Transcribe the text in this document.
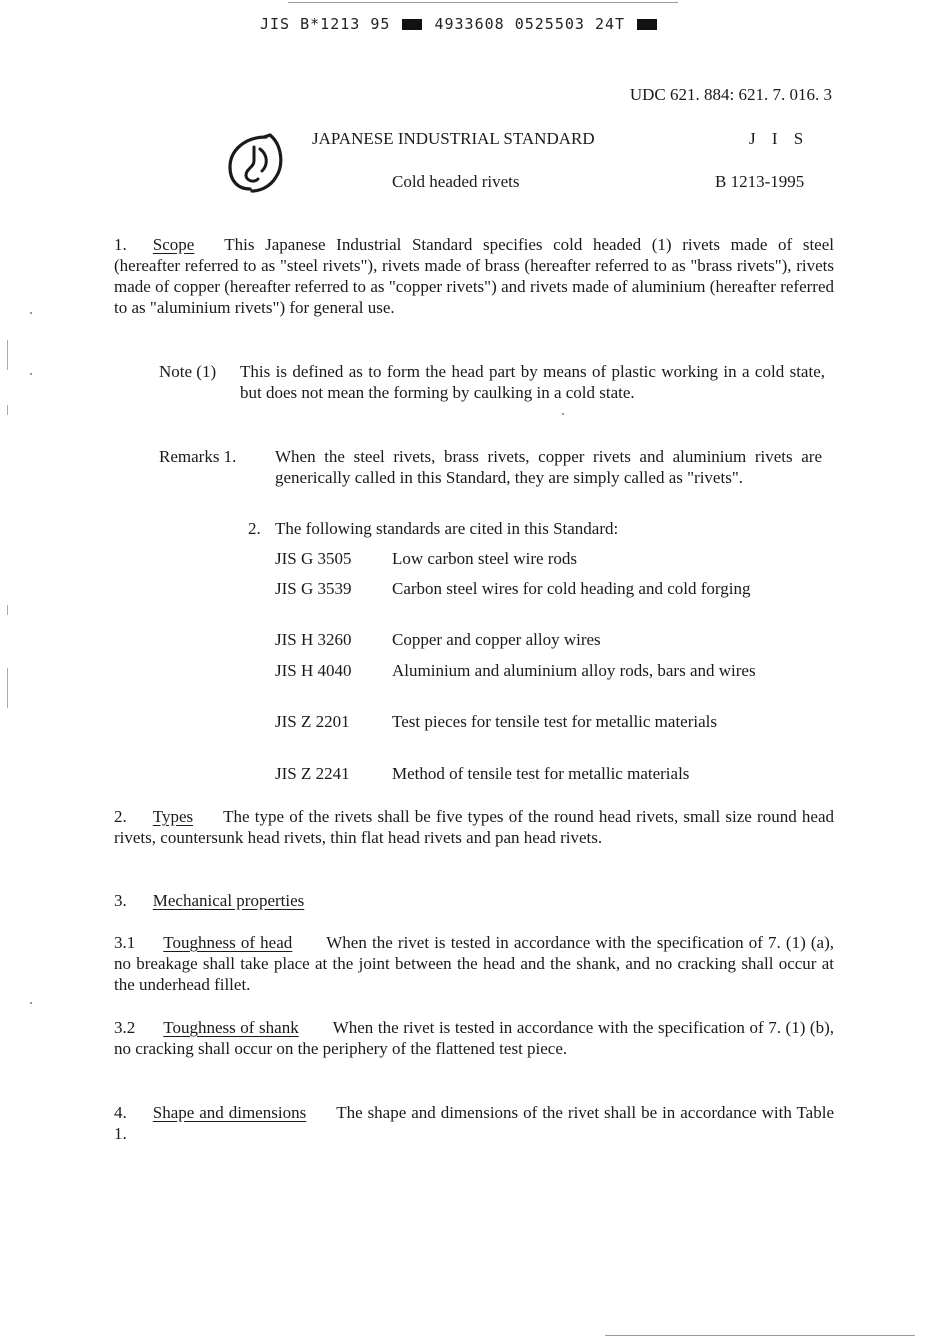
JIS B*1213 95	4933608 0525503 24T
UDC 621. 884: 621. 7. 016. 3
JAPANESE INDUSTRIAL STANDARD	J I S
Cold headed rivets	B 1213-1995
1. Scope This Japanese Industrial Standard specifies cold headed (1) rivets made of steel (hereafter referred to as "steel rivets"), rivets made of brass (hereafter referred to as "brass rivets"), rivets made of copper (hereafter referred to as "copper rivets") and rivets made of aluminium (hereafter referred to as "aluminium rivets") for general use.
Note (1) This is defined as to form the head part by means of plastic working in a cold state, but does not mean the forming by caulking in a cold state.
Remarks 1. When the steel rivets, brass rivets, copper rivets and aluminium rivets are generically called in this Standard, they are simply called as "rivets".
2. The following standards are cited in this Standard:
JIS G 3505 Low carbon steel wire rods
JIS G 3539 Carbon steel wires for cold heading and cold forging
JIS H 3260 Copper and copper alloy wires
JIS H 4040 Aluminium and aluminium alloy rods, bars and wires
JIS Z 2201 Test pieces for tensile test for metallic materials
JIS Z 2241 Method of tensile test for metallic materials
2. Types The type of the rivets shall be five types of the round head rivets, small size round head rivets, countersunk head rivets, thin flat head rivets and pan head rivets.
3. Mechanical properties
3.1 Toughness of head When the rivet is tested in accordance with the specification of 7. (1) (a), no breakage shall take place at the joint between the head and the shank, and no cracking shall occur at the underhead fillet.
3.2 Toughness of shank When the rivet is tested in accordance with the specification of 7. (1) (b), no cracking shall occur on the periphery of the flattened test piece.
4. Shape and dimensions The shape and dimensions of the rivet shall be in accordance with Table 1.
